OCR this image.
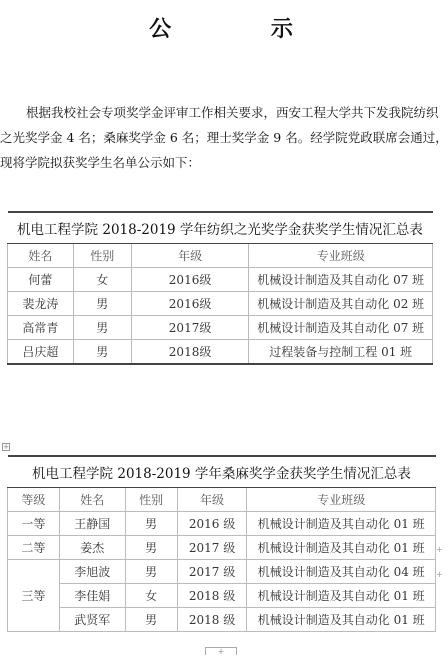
公 示
根据我校社会专项奖学金评审工作相关要求，西安工程大学共下发我院纺织
之光奖学金 4 名；桑麻奖学金 6 名；理士奖学金 9 名。经学院党政联席会通过，
现将学院拟获奖学生名单公示如下：
机电工程学院 2018-2019 学年纺织之光奖学金获奖学生情况汇总表			
姓名	性别	年级	专业班级
何蕾	女	2016级	机械设计制造及其自动化 07 班
裴龙涛	男	2016级	机械设计制造及其自动化 02 班
高常青	男	2017级	机械设计制造及其自动化 07 班
吕庆超	男	2018级	过程装备与控制工程 01 班
+
机电工程学院 2018-2019 学年桑麻奖学金获奖学生情况汇总表				
等级	姓名	性别	年级	专业班级
一等	王静国	男	2016 级	机械设计制造及其自动化 01 班
二等	姜杰	男	2017 级	机械设计制造及其自动化 01 班
三等	李旭波	男	2017 级	机械设计制造及其自动化 04 班
	李佳娟	女	2018 级	机械设计制造及其自动化 01 班
	武贤军	男	2018 级	机械设计制造及其自动化 01 班
+
+
+
